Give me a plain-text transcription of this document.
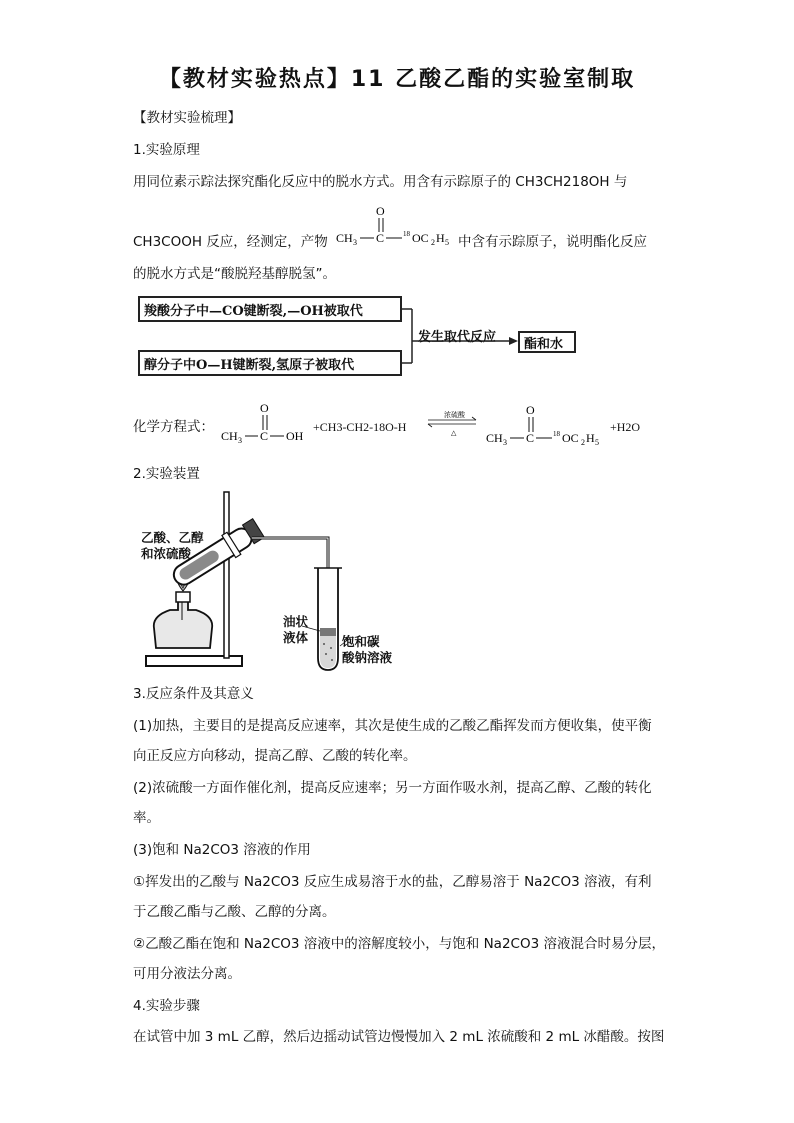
【教材实验热点】11 乙酸乙酯的实验室制取
【教材实验梳理】
1.实验原理
用同位素示踪法探究酯化反应中的脱水方式。用含有示踪原子的 CH3CH218OH 与
CH3COOH 反应，经测定，产物 CH 3 C
O
18 OC 2 H 5 中含有示踪原子，说明酯化反应
的脱水方式是“酸脱羟基醇脱氢”。
羧酸分子中—CO键断裂,—OH被取代
醇分子中O—H键断裂,氢原子被取代
发生取代反应	酯和水
化学方程式：
CH 3 C
O
OH
+CH3-CH2-18O-H
浓硫酸
△ CH 3 C
O
18 OC 2 H 5
+H2O
2.实验装置
乙酸、乙醇
和浓硫酸
油状
液体	饱和碳
酸钠溶液
3.反应条件及其意义
(1)加热，主要目的是提高反应速率，其次是使生成的乙酸乙酯挥发而方便收集，使平衡
向正反应方向移动，提高乙醇、乙酸的转化率。
(2)浓硫酸一方面作催化剂，提高反应速率；另一方面作吸水剂，提高乙醇、乙酸的转化
率。
(3)饱和 Na2CO3 溶液的作用
①挥发出的乙酸与 Na2CO3 反应生成易溶于水的盐，乙醇易溶于 Na2CO3 溶液，有利
于乙酸乙酯与乙酸、乙醇的分离。
②乙酸乙酯在饱和 Na2CO3 溶液中的溶解度较小，与饱和 Na2CO3 溶液混合时易分层，
可用分液法分离。
4.实验步骤
在试管中加 3 mL 乙醇，然后边摇动试管边慢慢加入 2 mL 浓硫酸和 2 mL 冰醋酸。按图
